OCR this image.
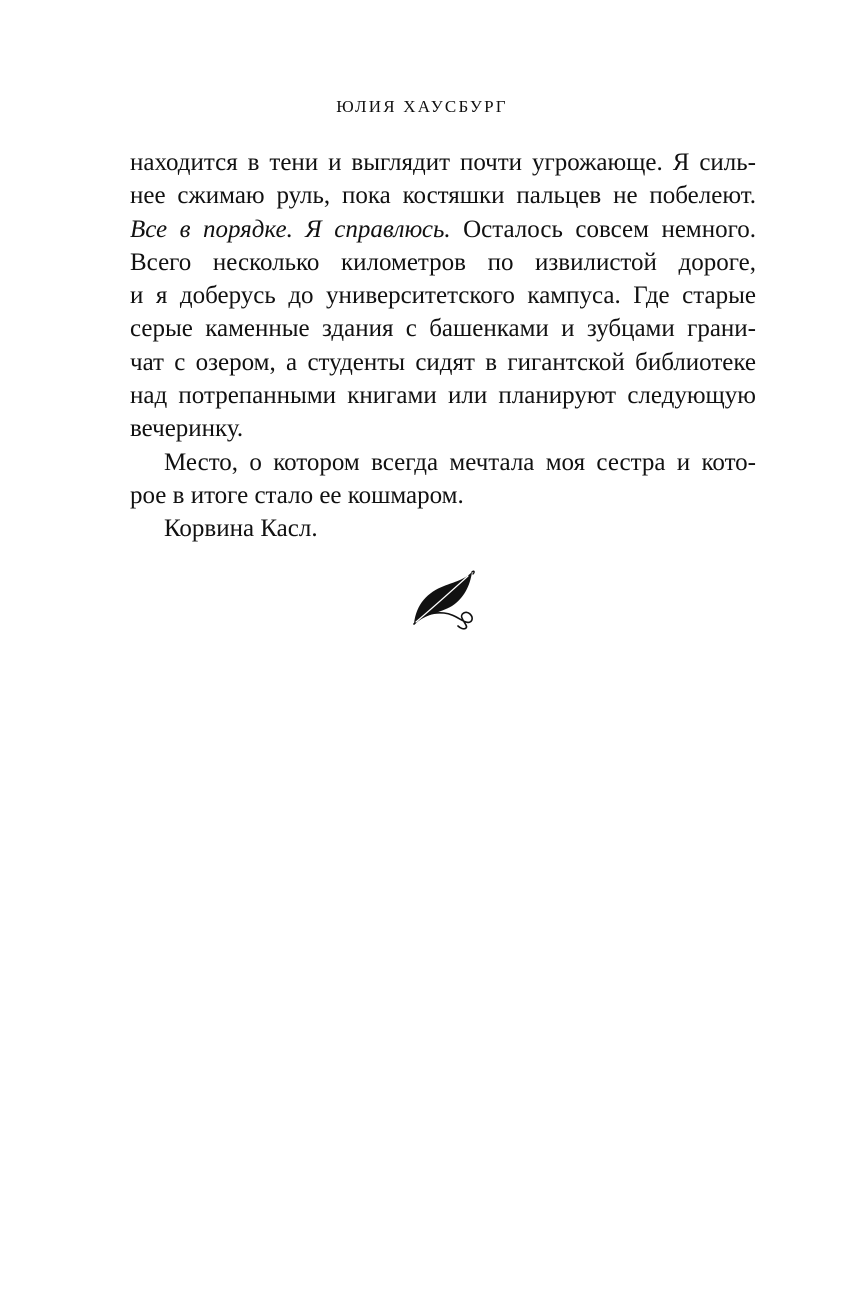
ЮЛИЯ ХАУСБУРГ
находится в тени и выглядит почти угрожающе. Я силь-
нее сжимаю руль, пока костяшки пальцев не побелеют.
Все в порядке. Я справлюсь. Осталось совсем немного.
Всего несколько километров по извилистой дороге,
и я доберусь до университетского кампуса. Где старые
серые каменные здания с башенками и зубцами грани-
чат с озером, а студенты сидят в гигантской библиотеке
над потрепанными книгами или планируют следующую
вечеринку.
Место, о котором всегда мечтала моя сестра и кото-
рое в итоге стало ее кошмаром.
Корвина Касл.
